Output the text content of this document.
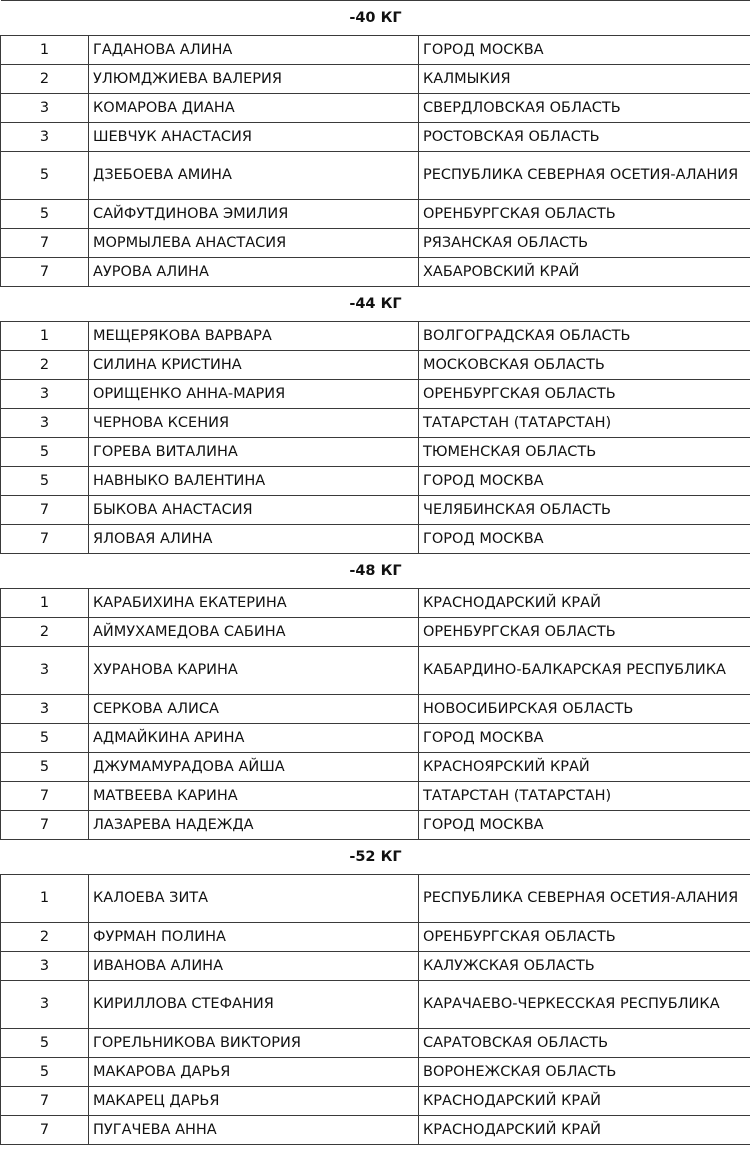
-40 КГ		
1	ГАДАНОВА АЛИНА	ГОРОД МОСКВА
2	УЛЮМДЖИЕВА ВАЛЕРИЯ	КАЛМЫКИЯ
3	КОМАРОВА ДИАНА	СВЕРДЛОВСКАЯ ОБЛАСТЬ
3	ШЕВЧУК АНАСТАСИЯ	РОСТОВСКАЯ ОБЛАСТЬ
5	ДЗЕБОЕВА АМИНА	РЕСПУБЛИКА СЕВЕРНАЯ ОСЕТИЯ-АЛАНИЯ
5	САЙФУТДИНОВА ЭМИЛИЯ	ОРЕНБУРГСКАЯ ОБЛАСТЬ
7	МОРМЫЛЕВА АНАСТАСИЯ	РЯЗАНСКАЯ ОБЛАСТЬ
7	АУРОВА АЛИНА	ХАБАРОВСКИЙ КРАЙ
-44 КГ		
1	МЕЩЕРЯКОВА ВАРВАРА	ВОЛГОГРАДСКАЯ ОБЛАСТЬ
2	СИЛИНА КРИСТИНА	МОСКОВСКАЯ ОБЛАСТЬ
3	ОРИЩЕНКО АННА-МАРИЯ	ОРЕНБУРГСКАЯ ОБЛАСТЬ
3	ЧЕРНОВА КСЕНИЯ	ТАТАРСТАН (ТАТАРСТАН)
5	ГОРЕВА ВИТАЛИНА	ТЮМЕНСКАЯ ОБЛАСТЬ
5	НАВНЫКО ВАЛЕНТИНА	ГОРОД МОСКВА
7	БЫКОВА АНАСТАСИЯ	ЧЕЛЯБИНСКАЯ ОБЛАСТЬ
7	ЯЛОВАЯ АЛИНА	ГОРОД МОСКВА
-48 КГ		
1	КАРАБИХИНА ЕКАТЕРИНА	КРАСНОДАРСКИЙ КРАЙ
2	АЙМУХАМЕДОВА САБИНА	ОРЕНБУРГСКАЯ ОБЛАСТЬ
3	ХУРАНОВА КАРИНА	КАБАРДИНО-БАЛКАРСКАЯ РЕСПУБЛИКА
3	СЕРКОВА АЛИСА	НОВОСИБИРСКАЯ ОБЛАСТЬ
5	АДМАЙКИНА АРИНА	ГОРОД МОСКВА
5	ДЖУМАМУРАДОВА АЙША	КРАСНОЯРСКИЙ КРАЙ
7	МАТВЕЕВА КАРИНА	ТАТАРСТАН (ТАТАРСТАН)
7	ЛАЗАРЕВА НАДЕЖДА	ГОРОД МОСКВА
-52 КГ		
1	КАЛОЕВА ЗИТА	РЕСПУБЛИКА СЕВЕРНАЯ ОСЕТИЯ-АЛАНИЯ
2	ФУРМАН ПОЛИНА	ОРЕНБУРГСКАЯ ОБЛАСТЬ
3	ИВАНОВА АЛИНА	КАЛУЖСКАЯ ОБЛАСТЬ
3	КИРИЛЛОВА СТЕФАНИЯ	КАРАЧАЕВО-ЧЕРКЕССКАЯ РЕСПУБЛИКА
5	ГОРЕЛЬНИКОВА ВИКТОРИЯ	САРАТОВСКАЯ ОБЛАСТЬ
5	МАКАРОВА ДАРЬЯ	ВОРОНЕЖСКАЯ ОБЛАСТЬ
7	МАКАРЕЦ ДАРЬЯ	КРАСНОДАРСКИЙ КРАЙ
7	ПУГАЧЕВА АННА	КРАСНОДАРСКИЙ КРАЙ
